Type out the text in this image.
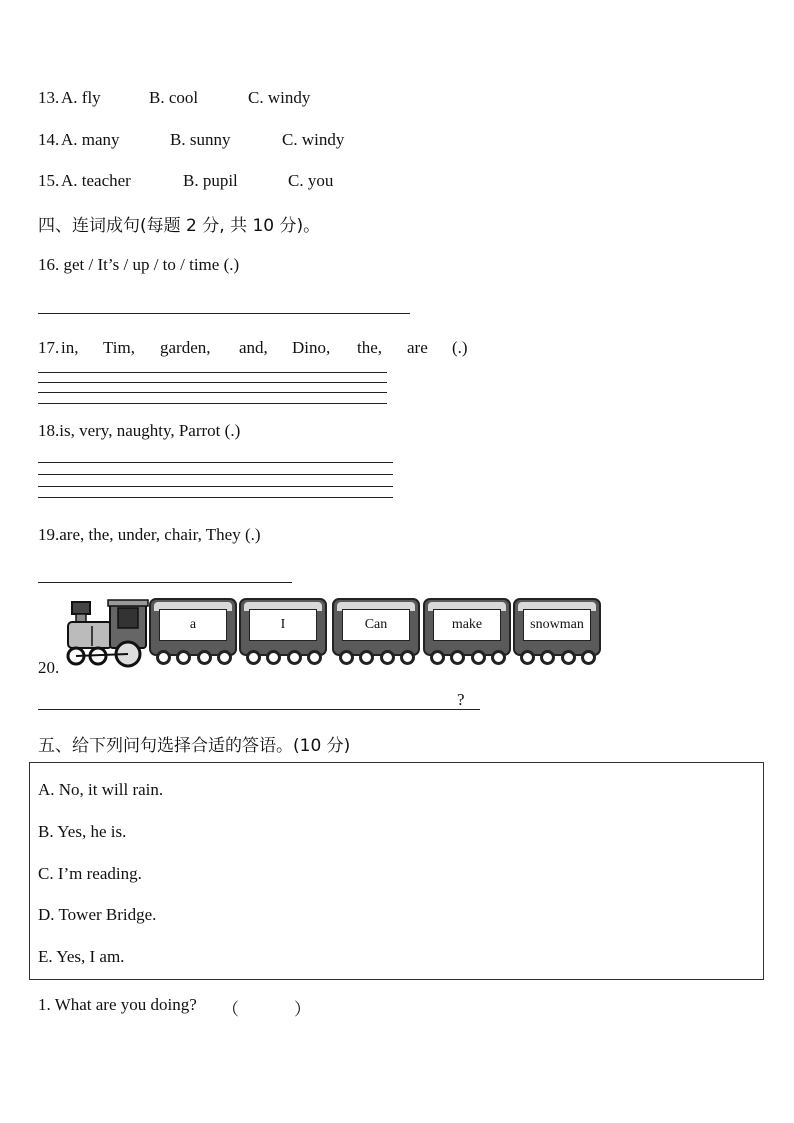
13. A. fly	B. cool	C. windy
14. A. many	B. sunny	C. windy
15. A. teacher	B. pupil	C. you
四、连词成句(每题 2 分, 共 10 分)。
16. get / It’s / up / to / time (.)
17. in, Tim, garden, and, Dino, the, are (.)
18.is, very, naughty, Parrot (.)
19.are, the, under, chair, They (.)
a	I	Can	make	snowman
20.
?
五、给下列问句选择合适的答语。(10 分)
A. No, it will rain.
B. Yes, he is.
C. I’m reading.
D. Tower Bridge.
E. Yes, I am.
1. What are you doing? （	）
